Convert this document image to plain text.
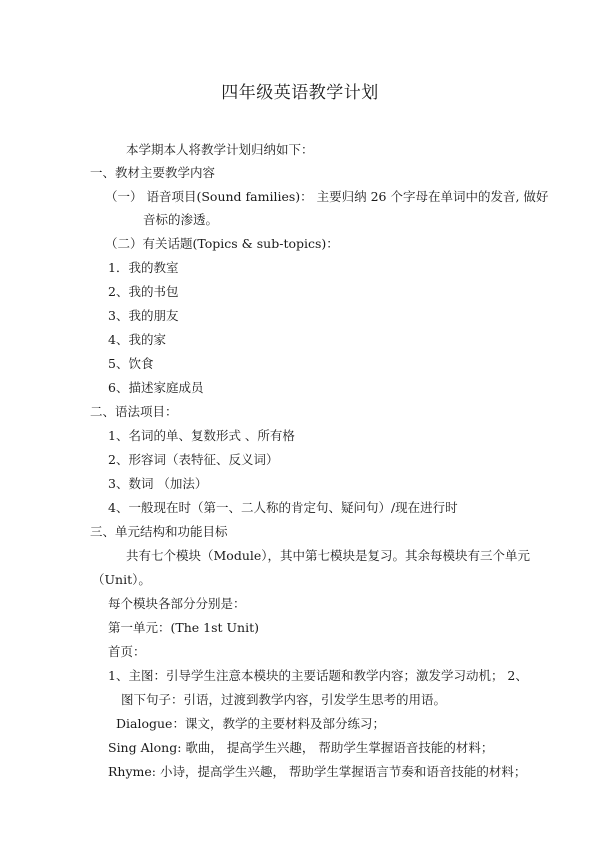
四年级英语教学计划
本学期本人将教学计划归纳如下：
一、教材主要教学内容
（一） 语音项目(Sound families)： 主要归纳 26 个字母在单词中的发音, 做好
音标的渗透。
（二）有关话题(Topics & sub-topics)：
1．我的教室
2、我的书包
3、我的朋友
4、我的家
5、饮食
6、描述家庭成员
二、语法项目：
1、名词的单、复数形式 、所有格
2、形容词（表特征、反义词）
3、数词 （加法）
4、一般现在时（第一、二人称的肯定句、疑问句）/现在进行时
三、单元结构和功能目标
共有七个模块（Module），其中第七模块是复习。其余每模块有三个单元
（Unit）。
每个模块各部分分别是：
第一单元：(The 1st Unit)
首页：
1、主图：引导学生注意本模块的主要话题和教学内容；激发学习动机； 2、
图下句子：引语，过渡到教学内容，引发学生思考的用语。
Dialogue：课文，教学的主要材料及部分练习；
Sing Along: 歌曲， 提高学生兴趣， 帮助学生掌握语音技能的材料；
Rhyme: 小诗，提高学生兴趣， 帮助学生掌握语言节奏和语音技能的材料；
